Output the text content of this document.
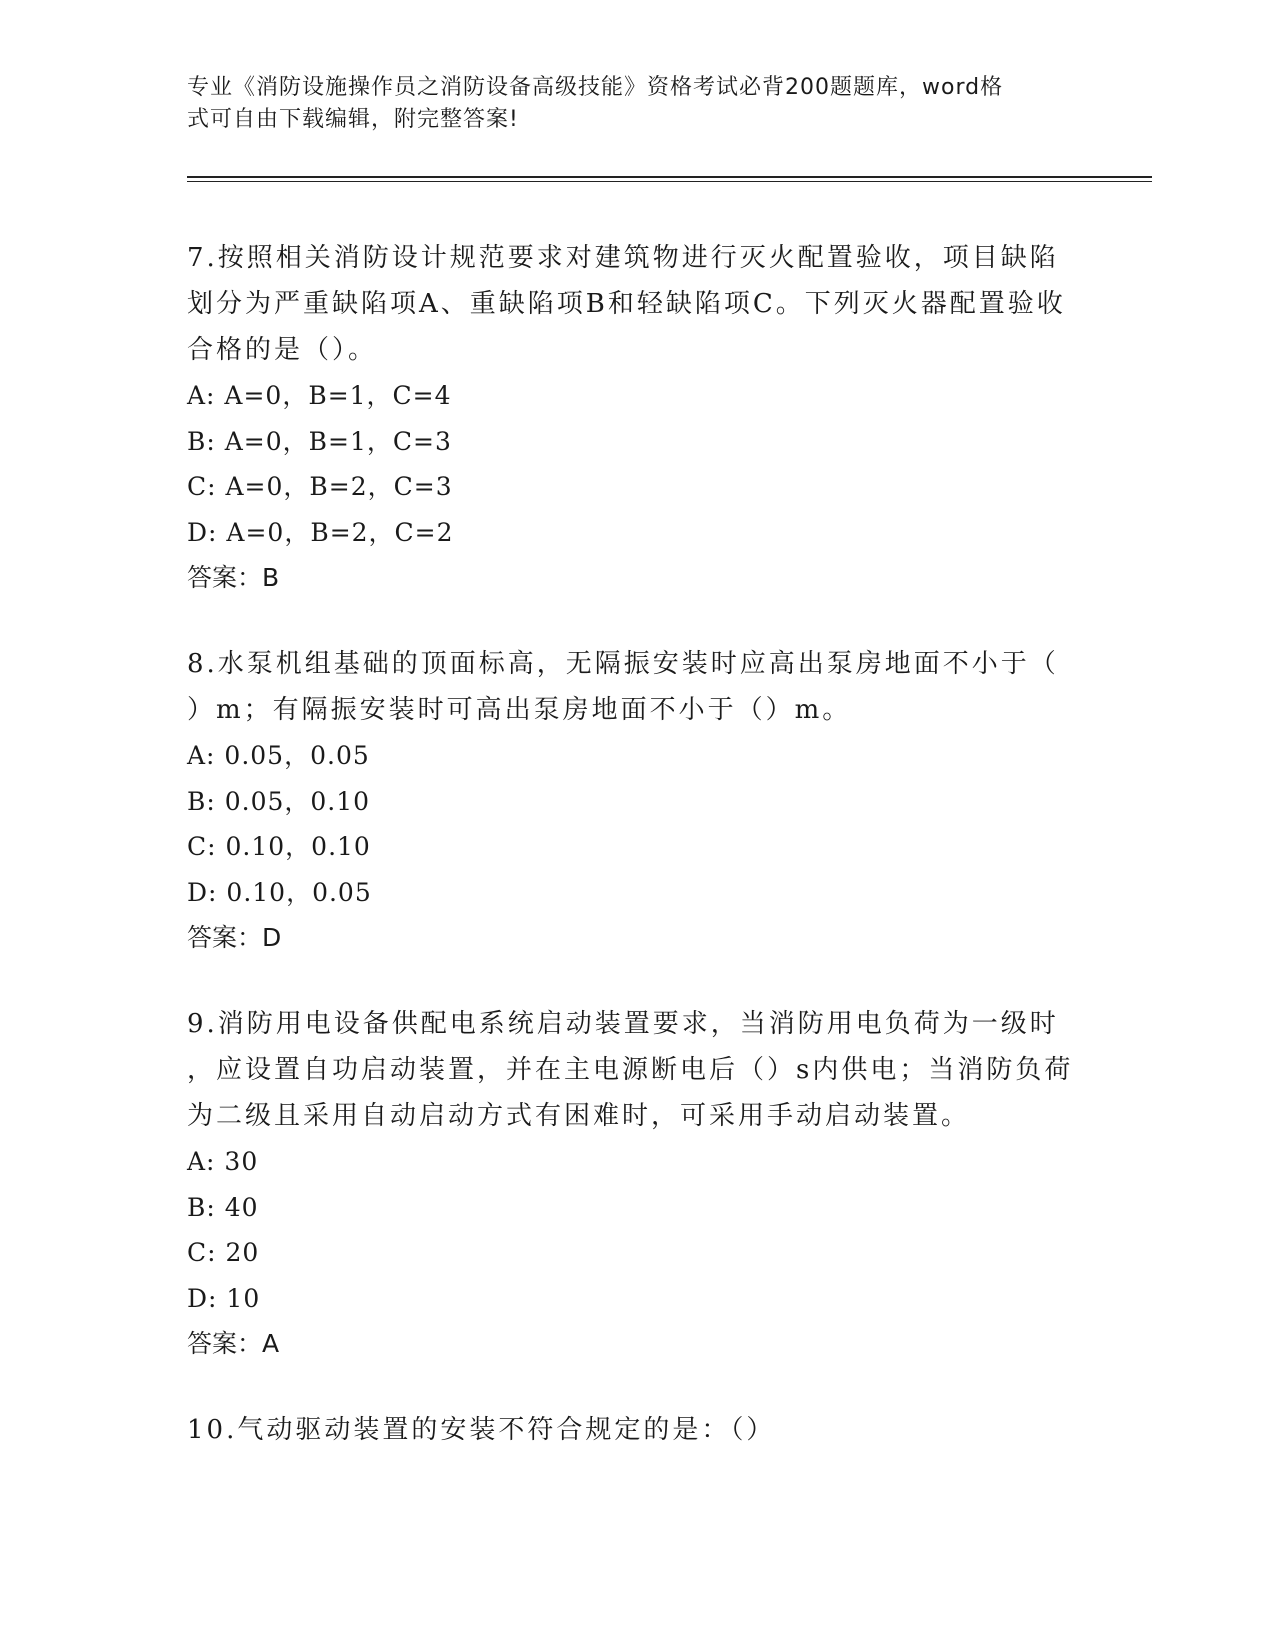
专业《消防设施操作员之消防设备高级技能》资格考试必背200题题库，word格
式可自由下载编辑，附完整答案!

7.按照相关消防设计规范要求对建筑物进行灭火配置验收，项目缺陷

划分为严重缺陷项A、重缺陷项B和轻缺陷项C。下列灭火器配置验收

合格的是（）。

A: A=0，B=1，C=4

B: A=0，B=1，C=3

C: A=0，B=2，C=3

D: A=0，B=2，C=2

答案：B

8.水泵机组基础的顶面标高，无隔振安装时应高出泵房地面不小于（

）m；有隔振安装时可高出泵房地面不小于（）m。

A: 0.05，0.05

B: 0.05，0.10

C: 0.10，0.10

D: 0.10，0.05

答案：D

9.消防用电设备供配电系统启动装置要求，当消防用电负荷为一级时

，应设置自功启动装置，并在主电源断电后（）s内供电；当消防负荷

为二级且采用自动启动方式有困难时，可采用手动启动装置。

A: 30

B: 40

C: 20

D: 10

答案：A

10.气动驱动装置的安装不符合规定的是：（）
